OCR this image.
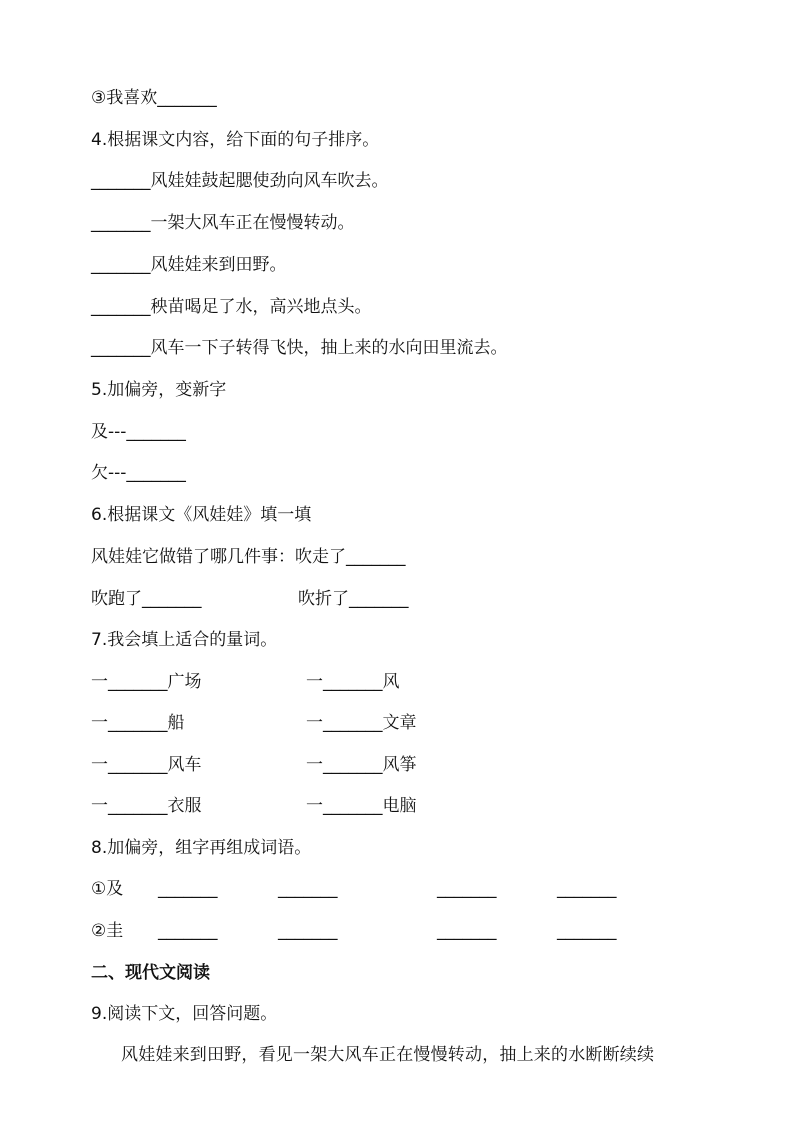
③我喜欢_______
4.根据课文内容，给下面的句子排序。
_______风娃娃鼓起腮使劲向风车吹去。
_______一架大风车正在慢慢转动。
_______风娃娃来到田野。
_______秧苗喝足了水，高兴地点头。
_______风车一下子转得飞快，抽上来的水向田里流去。
5.加偏旁，变新字
及---_______
欠---_______
6.根据课文《风娃娃》填一填
风娃娃它做错了哪几件事：吹走了_______
吹跑了_______	吹折了_______
7.我会填上适合的量词。
一_______广场	一_______风
一_______船	一_______文章
一_______风车	一_______风筝
一_______衣服	一_______电脑
8.加偏旁，组字再组成词语。
①及 _______	_______	_______	_______
②圭 _______	_______	_______	_______
二、现代文阅读
9.阅读下文，回答问题。
风娃娃来到田野，看见一架大风车正在慢慢转动，抽上来的水断断续续
